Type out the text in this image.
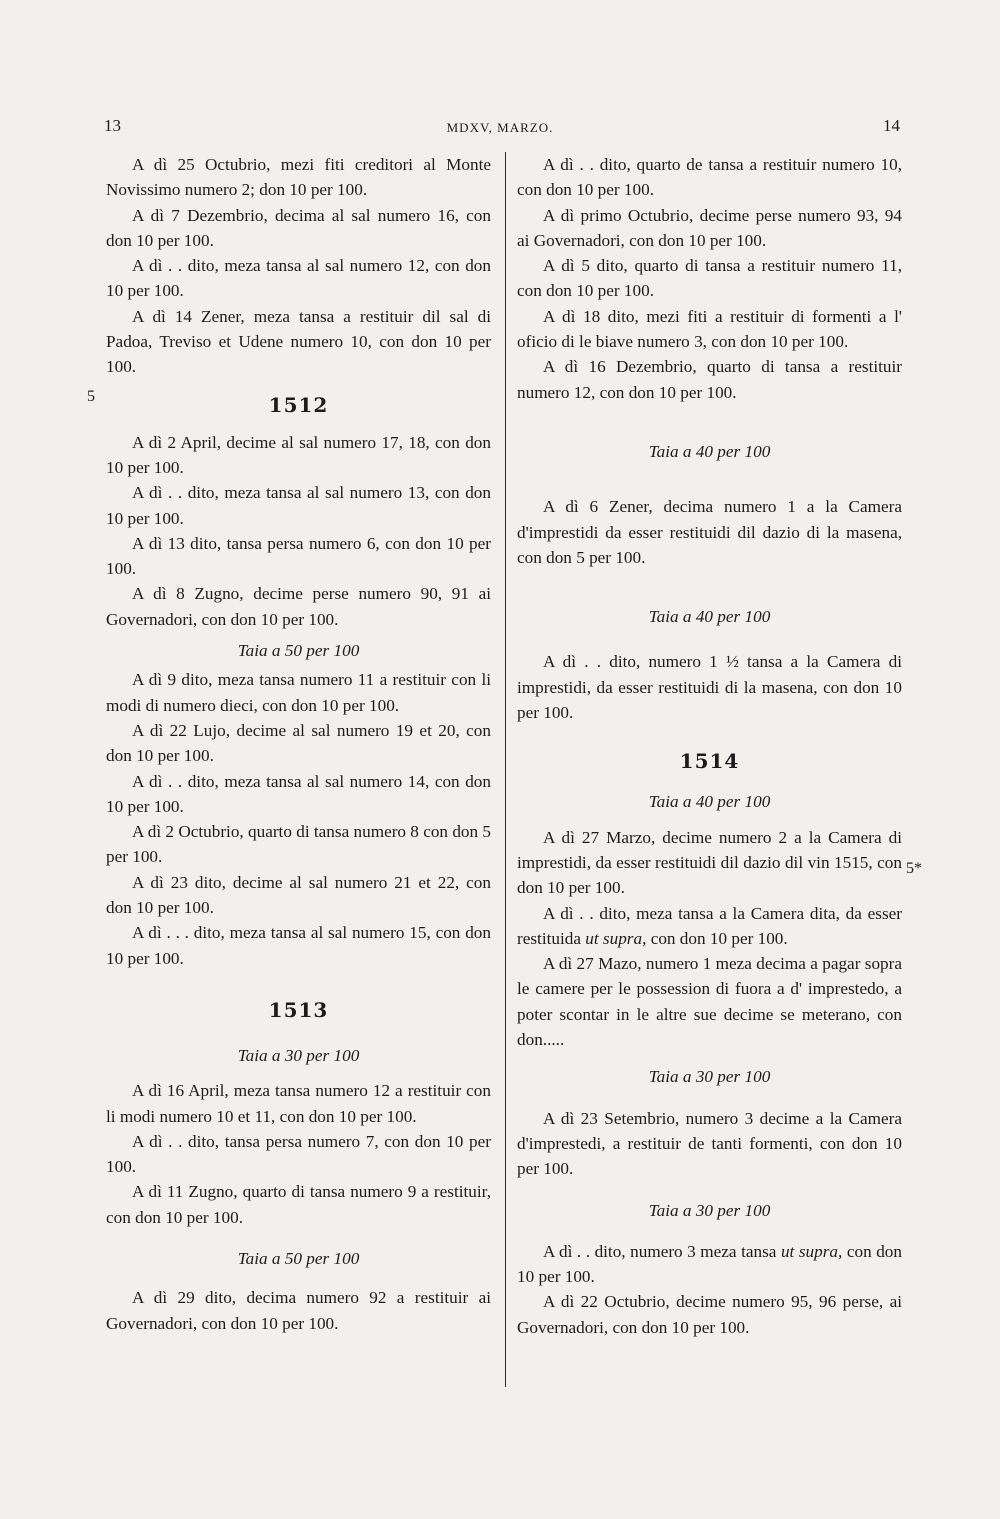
13	MDXV, MARZO.	14
5
5*

A dì 25 Octubrio, mezi fiti creditori al Monte Novissimo numero 2; don 10 per 100.

A dì 7 Dezembrio, decima al sal numero 16, con don 10 per 100.

A dì . . dito, meza tansa al sal numero 12, con don 10 per 100.

A dì 14 Zener, meza tansa a restituir dil sal di Padoa, Treviso et Udene numero 10, con don 10 per 100.

1512

A dì 2 April, decime al sal numero 17, 18, con don 10 per 100.

A dì . . dito, meza tansa al sal numero 13, con don 10 per 100.

A dì 13 dito, tansa persa numero 6, con don 10 per 100.

A dì 8 Zugno, decime perse numero 90, 91 ai Governadori, con don 10 per 100.

Taia a 50 per 100

A dì 9 dito, meza tansa numero 11 a restituir con li modi di numero dieci, con don 10 per 100.

A dì 22 Lujo, decime al sal numero 19 et 20, con don 10 per 100.

A dì . . dito, meza tansa al sal numero 14, con don 10 per 100.

A dì 2 Octubrio, quarto di tansa numero 8 con don 5 per 100.

A dì 23 dito, decime al sal numero 21 et 22, con don 10 per 100.

A dì . . . dito, meza tansa al sal numero 15, con don 10 per 100.

1513
Taia a 30 per 100

A dì 16 April, meza tansa numero 12 a restituir con li modi numero 10 et 11, con don 10 per 100.

A dì . . dito, tansa persa numero 7, con don 10 per 100.

A dì 11 Zugno, quarto di tansa numero 9 a restituir, con don 10 per 100.

Taia a 50 per 100

A dì 29 dito, decima numero 92 a restituir ai Governadori, con don 10 per 100.

A dì . . dito, quarto de tansa a restituir numero 10, con don 10 per 100.

A dì primo Octubrio, decime perse numero 93, 94 ai Governadori, con don 10 per 100.

A dì 5 dito, quarto di tansa a restituir numero 11, con don 10 per 100.

A dì 18 dito, mezi fiti a restituir di formenti a l' oficio di le biave numero 3, con don 10 per 100.

A dì 16 Dezembrio, quarto di tansa a restituir numero 12, con don 10 per 100.

Taia a 40 per 100

A dì 6 Zener, decima numero 1 a la Camera d'imprestidi da esser restituidi dil dazio di la masena, con don 5 per 100.

Taia a 40 per 100

A dì . . dito, numero 1 ½ tansa a la Camera di imprestidi, da esser restituidi di la masena, con don 10 per 100.

1514
Taia a 40 per 100

A dì 27 Marzo, decime numero 2 a la Camera di imprestidi, da esser restituidi dil dazio dil vin 1515, con don 10 per 100.

A dì . . dito, meza tansa a la Camera dita, da esser restituida ut supra, con don 10 per 100.

A dì 27 Mazo, numero 1 meza decima a pagar sopra le camere per le possession di fuora a d' imprestedo, a poter scontar in le altre sue decime se meterano, con don.....

Taia a 30 per 100

A dì 23 Setembrio, numero 3 decime a la Camera d'imprestedi, a restituir de tanti formenti, con don 10 per 100.

Taia a 30 per 100

A dì . . dito, numero 3 meza tansa ut supra, con don 10 per 100.

A dì 22 Octubrio, decime numero 95, 96 perse, ai Governadori, con don 10 per 100.
